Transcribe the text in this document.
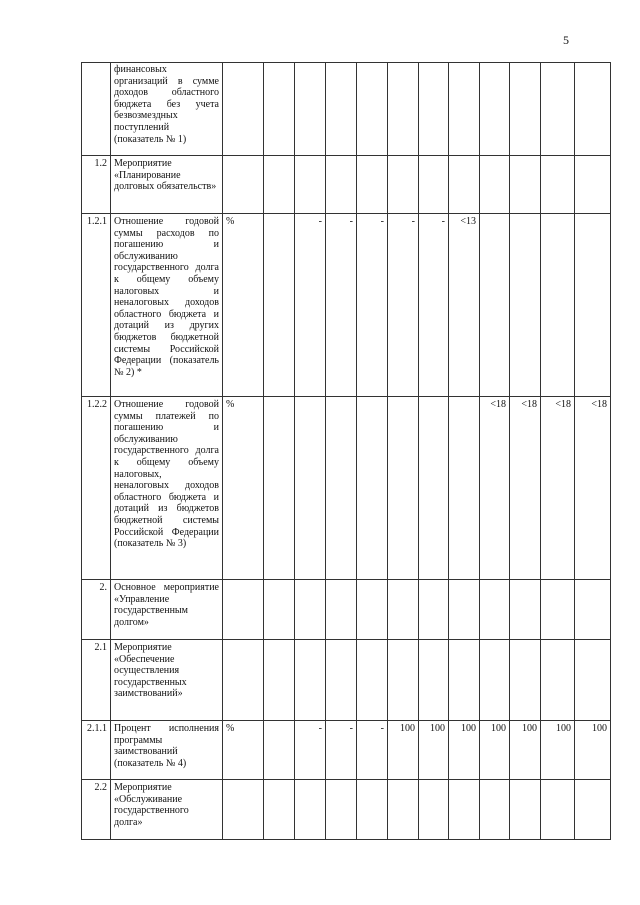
5
	финансовых организаций в сумме доходов областного бюджета без учета безвозмездных поступлений (показатель № 1)													
1.2	Мероприятие «Планирование долговых обязательств»													
1.2.1	Отношение годовой суммы расходов по погашению и обслуживанию государственного долга к общему объему налоговых и неналоговых доходов областного бюджета и дотаций из других бюджетов бюджетной системы Российской Федерации (показатель № 2) *	%		-	-	-	-	-	<13					
1.2.2	Отношение годовой суммы платежей по погашению и обслуживанию государственного долга к общему объему налоговых, неналоговых доходов областного бюджета и дотаций из бюджетов бюджетной системы Российской Федерации (показатель № 3)	%								<18	<18	<18	<18	
2.	Основное мероприятие «Управление государственным долгом»													
2.1	Мероприятие «Обеспечение осуществления государственных заимствований»													
2.1.1	Процент исполнения программы заимствований (показатель № 4)	%		-	-	-	100	100	100	100	100	100	100	
2.2	Мероприятие «Обслуживание государственного долга»													
